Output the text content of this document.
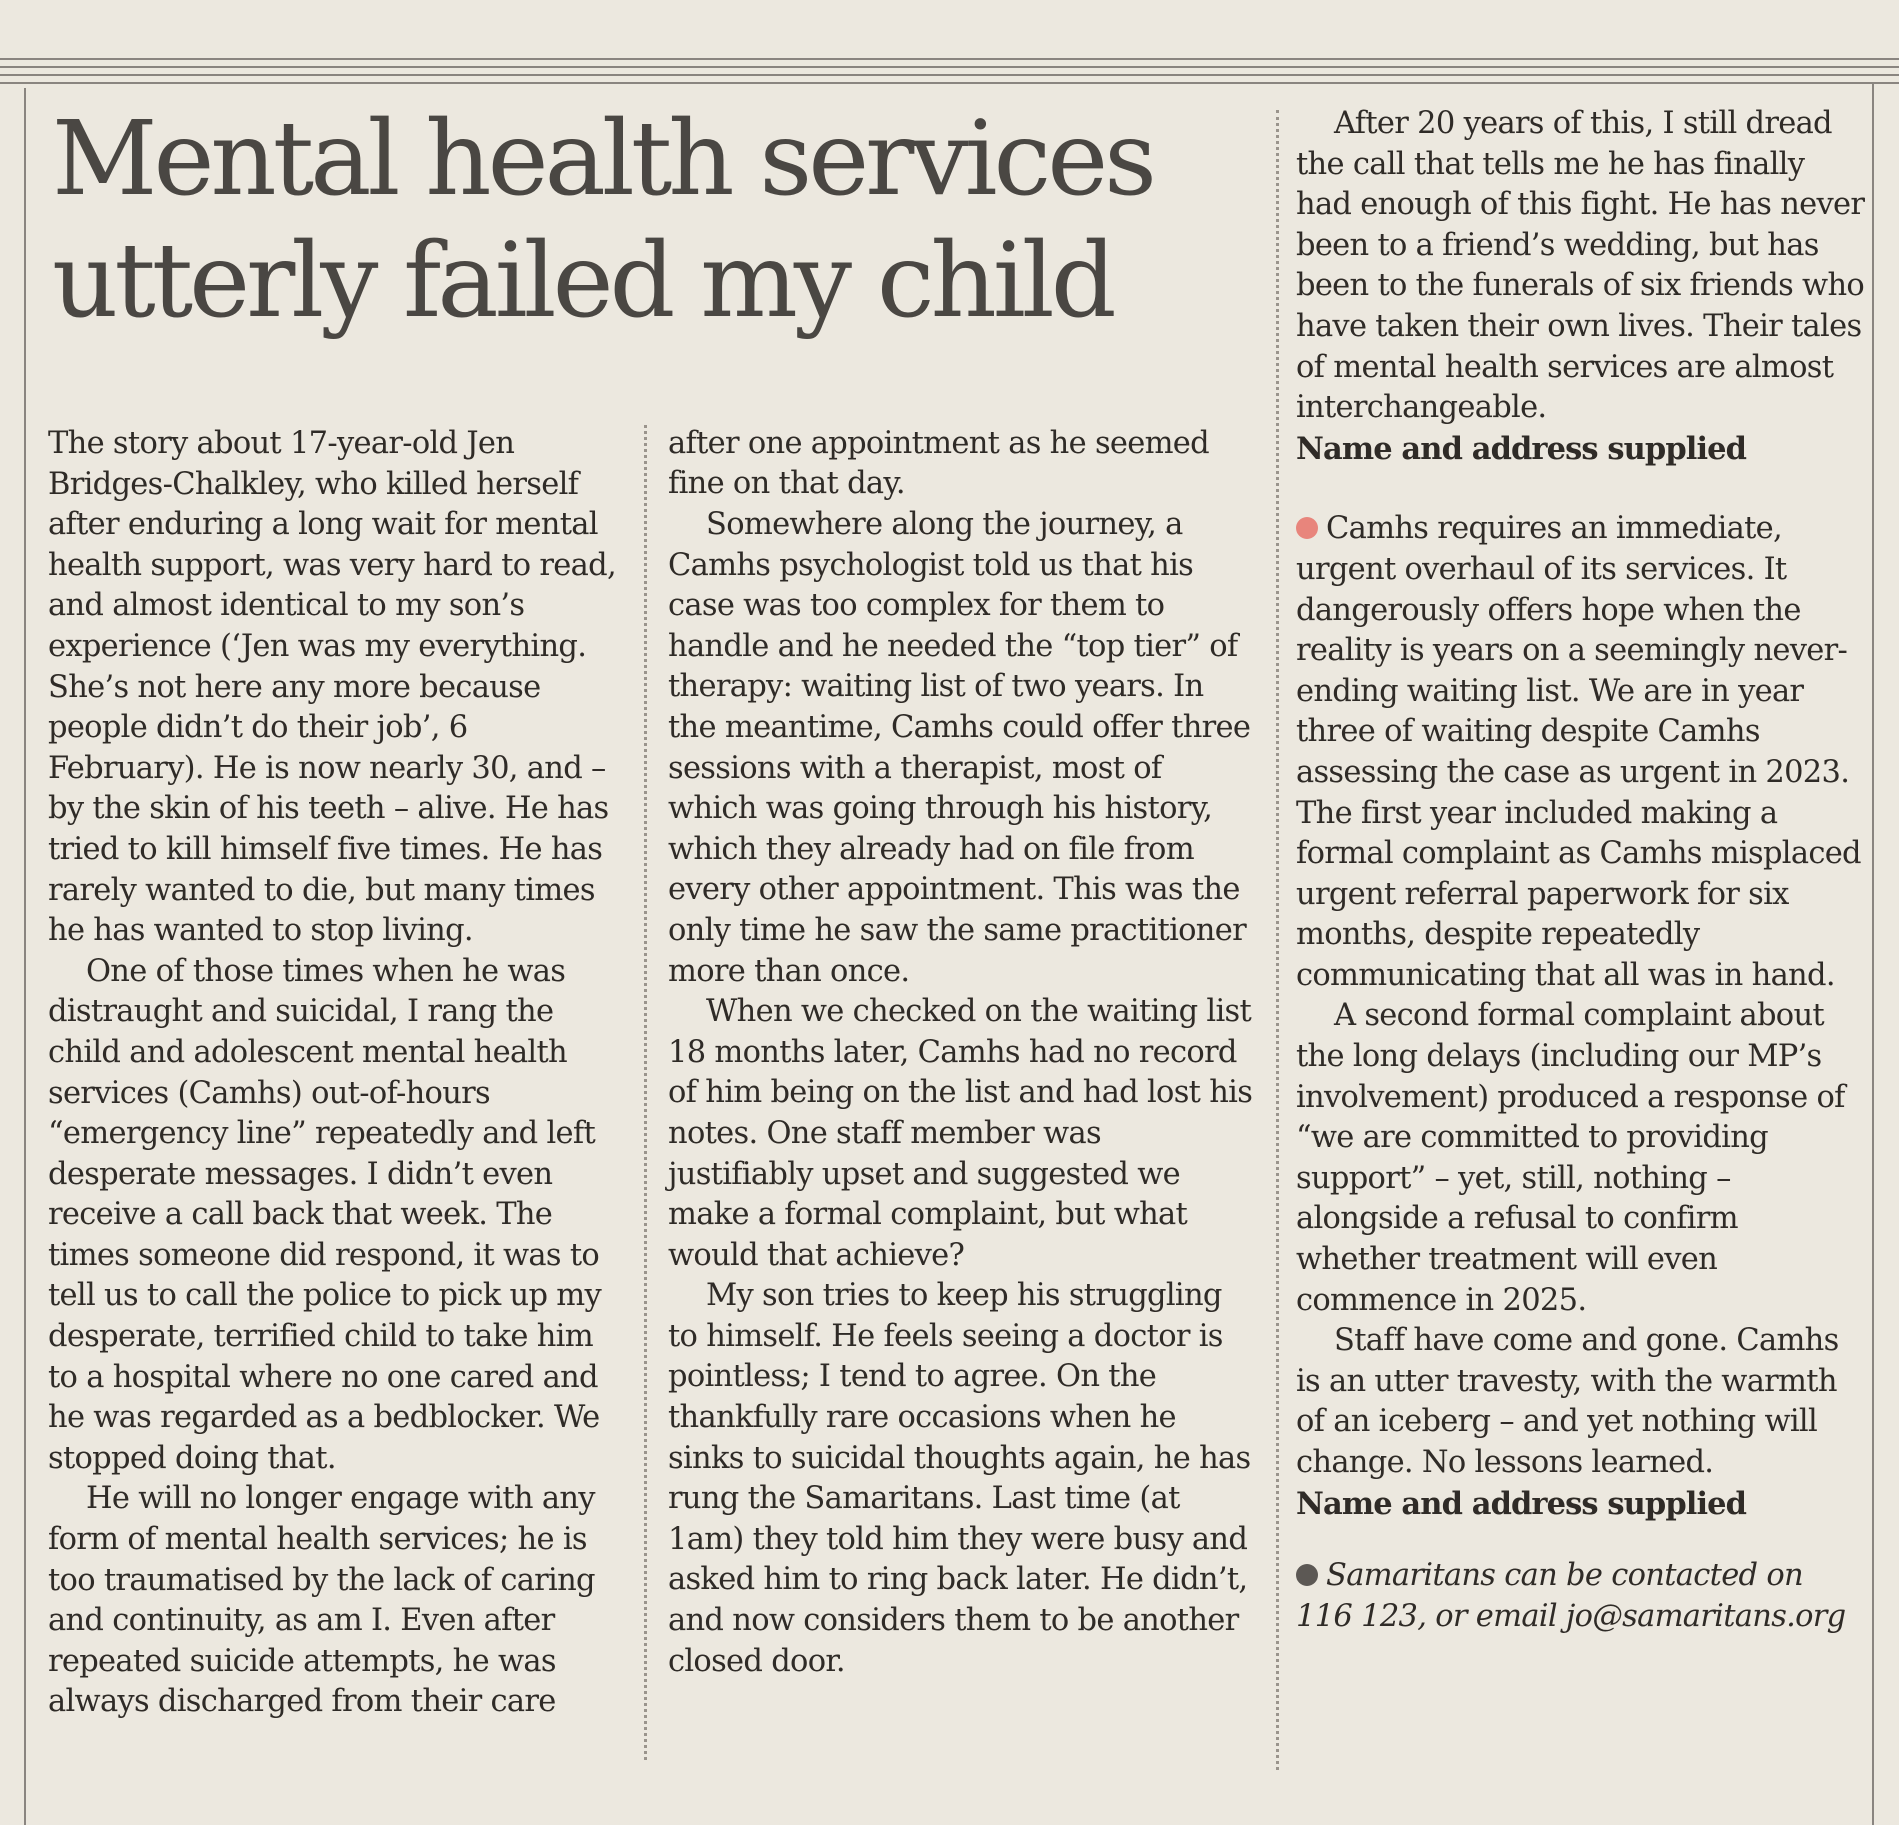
Mental health services
utterly failed my child

The story about 17-year-old Jen Bridges-Chalkley, who killed herself after enduring a long wait for mental health support, was very hard to read, and almost identical to my son’s experience (‘Jen was my everything. She’s not here any more because people didn’t do their job’, 6 February). He is now nearly 30, and – by the skin of his teeth – alive. He has tried to kill himself five times. He has rarely wanted to die, but many times he has wanted to stop living.

One of those times when he was distraught and suicidal, I rang the child and adolescent mental health services (Camhs) out-of-hours “emergency line” repeatedly and left desperate messages. I didn’t even receive a call back that week. The times someone did respond, it was to tell us to call the police to pick up my desperate, terrified child to take him to a hospital where no one cared and he was regarded as a bedblocker. We stopped doing that.

He will no longer engage with any form of mental health services; he is too traumatised by the lack of caring and continuity, as am I. Even after repeated suicide attempts, he was always discharged from their care

after one appointment as he seemed fine on that day.

Somewhere along the journey, a Camhs psychologist told us that his case was too complex for them to handle and he needed the “top tier” of therapy: waiting list of two years. In the meantime, Camhs could offer three sessions with a therapist, most of which was going through his history, which they already had on file from every other appointment. This was the only time he saw the same practitioner more than once.

When we checked on the waiting list 18 months later, Camhs had no record of him being on the list and had lost his notes. One staff member was justifiably upset and suggested we make a formal complaint, but what would that achieve?

My son tries to keep his struggling to himself. He feels seeing a doctor is pointless; I tend to agree. On the thankfully rare occasions when he sinks to suicidal thoughts again, he has rung the Samaritans. Last time (at 1am) they told him they were busy and asked him to ring back later. He didn’t, and now considers them to be another closed door.

After 20 years of this, I still dread the call that tells me he has finally had enough of this fight. He has never been to a friend’s wedding, but has been to the funerals of six friends who have taken their own lives. Their tales of mental health services are almost interchangeable.

Name and address supplied

Camhs requires an immediate, urgent overhaul of its services. It dangerously offers hope when the reality is years on a seemingly never-ending waiting list. We are in year three of waiting despite Camhs assessing the case as urgent in 2023. The first year included making a formal complaint as Camhs misplaced urgent referral paperwork for six months, despite repeatedly communicating that all was in hand.

A second formal complaint about the long delays (including our MP’s involvement) produced a response of “we are committed to providing support” – yet, still, nothing – alongside a refusal to confirm whether treatment will even commence in 2025.

Staff have come and gone. Camhs is an utter travesty, with the warmth of an iceberg – and yet nothing will change. No lessons learned.

Name and address supplied

Samaritans can be contacted on 116 123, or email jo@samaritans.org
